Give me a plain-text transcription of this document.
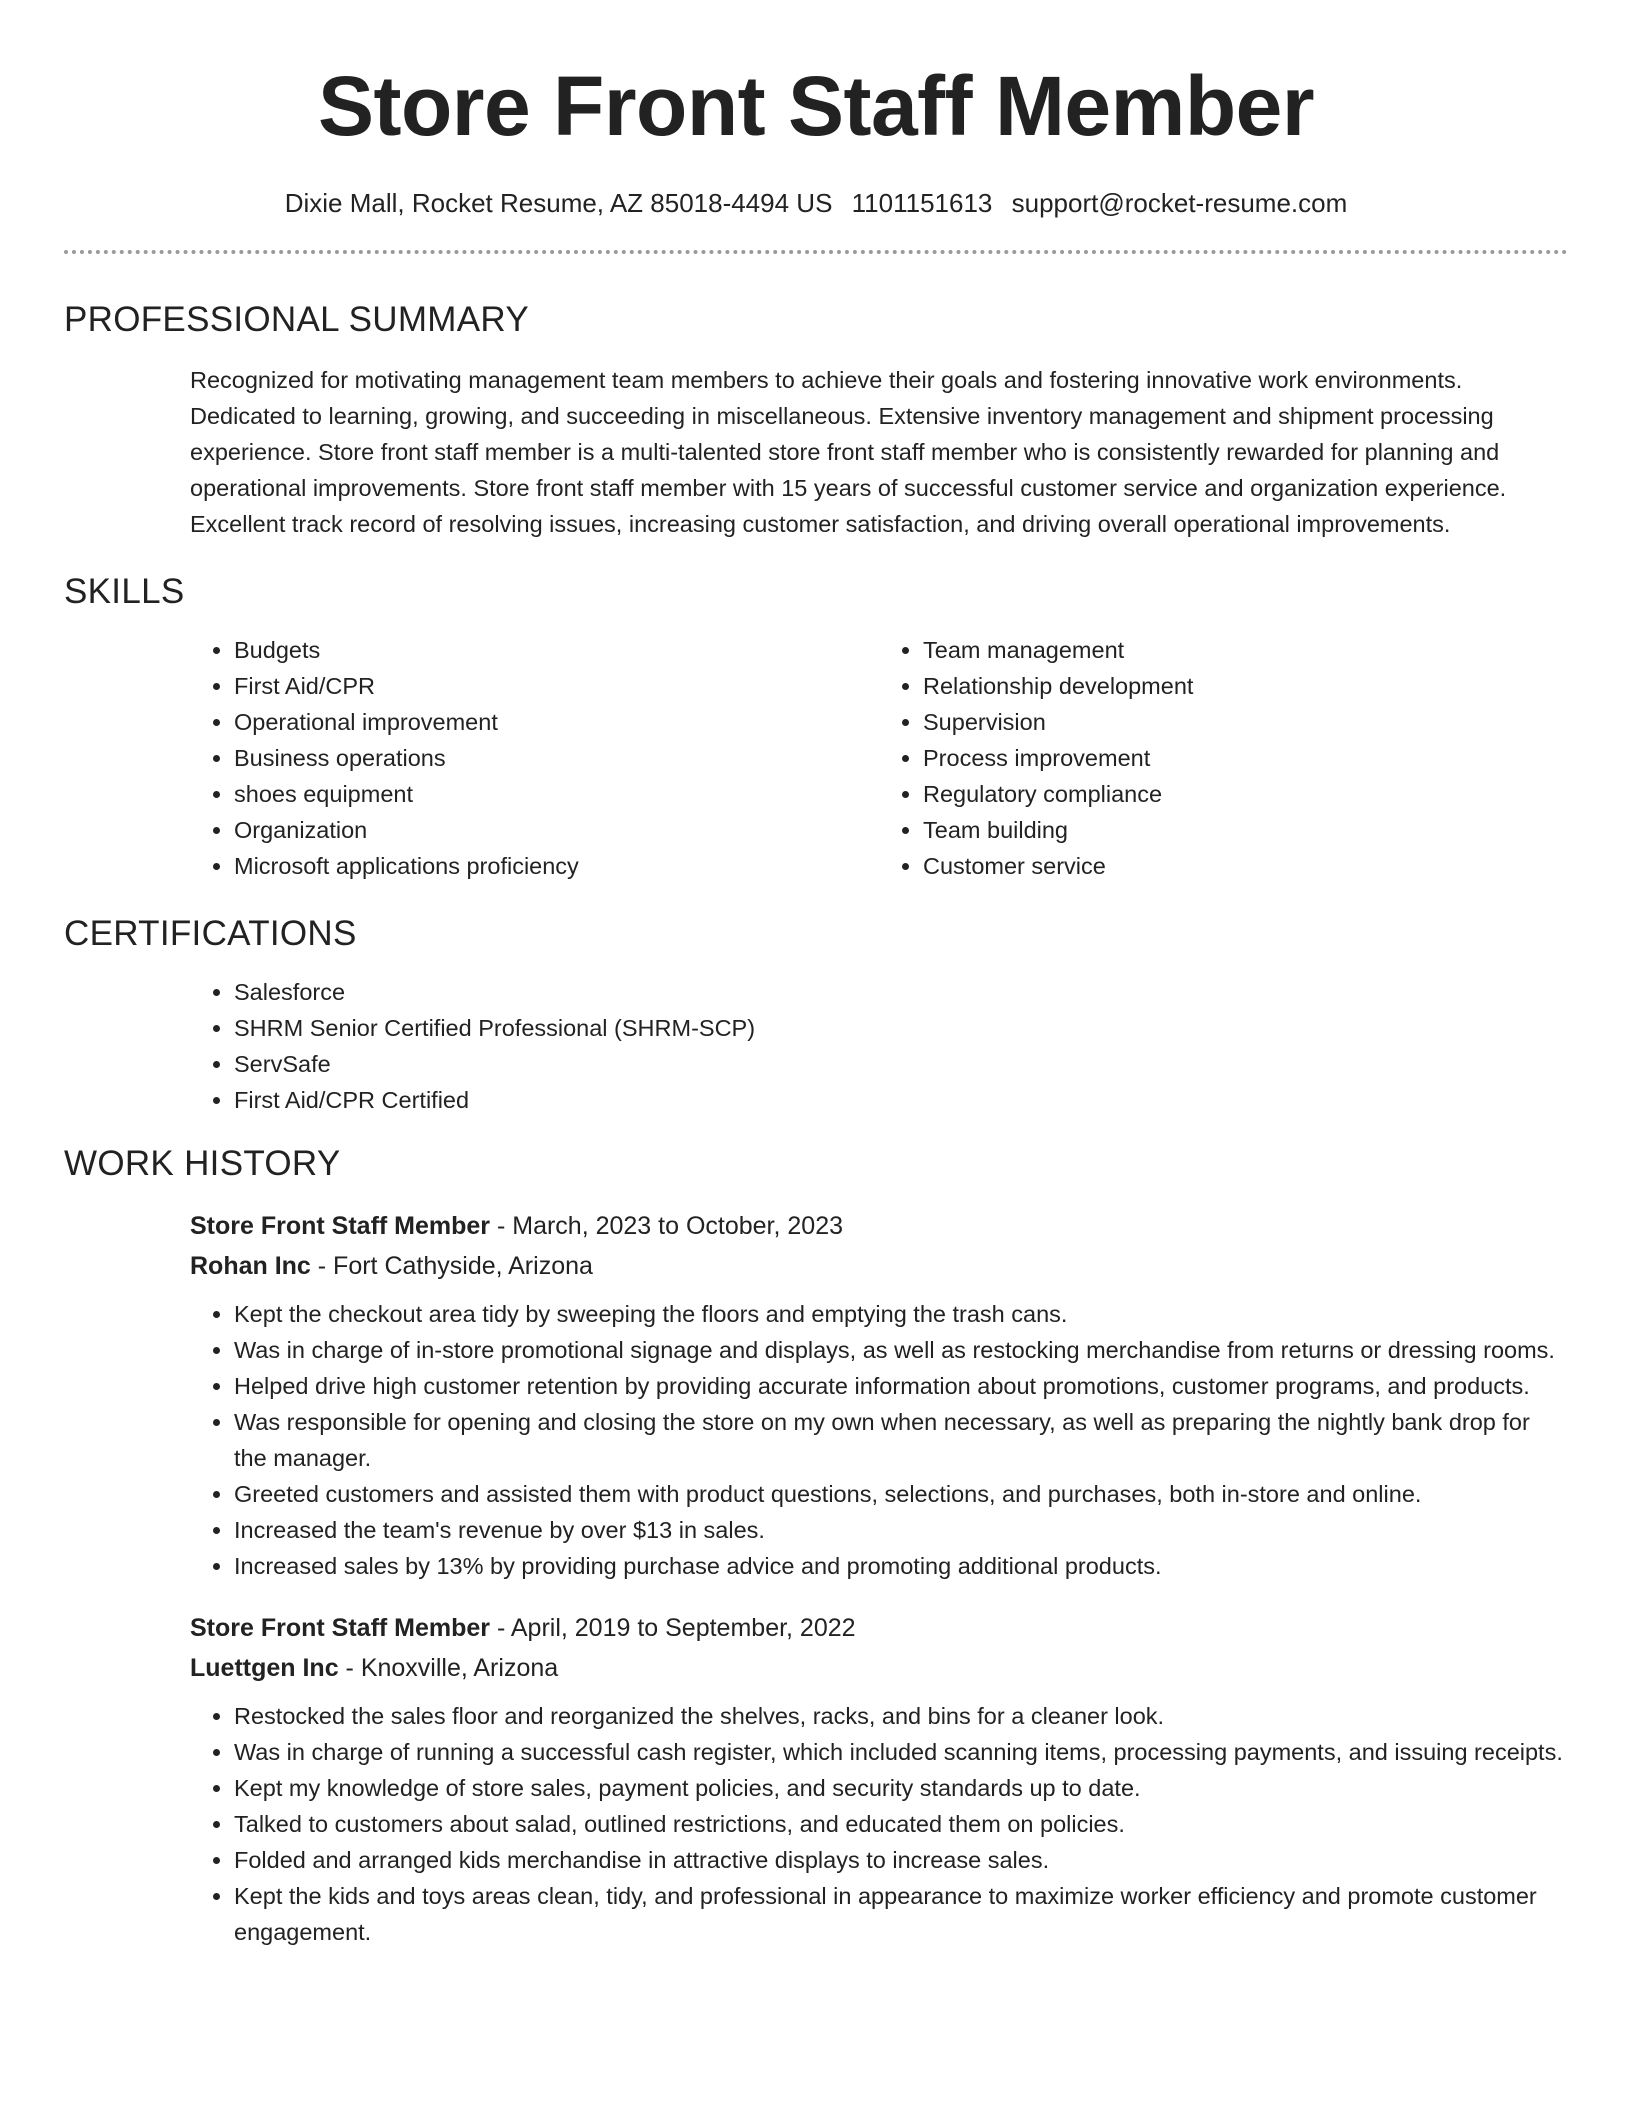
Store Front Staff Member
Dixie Mall, Rocket Resume, AZ 85018-4494 US 1101151613 support@rocket-resume.com
PROFESSIONAL SUMMARY

Recognized for motivating management team members to achieve their goals and fostering innovative work environments. Dedicated to learning, growing, and succeeding in miscellaneous. Extensive inventory management and shipment processing experience. Store front staff member is a multi-talented store front staff member who is consistently rewarded for planning and operational improvements. Store front staff member with 15 years of successful customer service and organization experience. Excellent track record of resolving issues, increasing customer satisfaction, and driving overall operational improvements.

SKILLS
• Budgets
• First Aid/CPR
• Operational improvement
• Business operations
• shoes equipment
• Organization
• Microsoft applications proficiency
• Team management
• Relationship development
• Supervision
• Process improvement
• Regulatory compliance
• Team building
• Customer service
CERTIFICATIONS
• Salesforce
• SHRM Senior Certified Professional (SHRM-SCP)
• ServSafe
• First Aid/CPR Certified
WORK HISTORY
Store Front Staff Member - March, 2023 to October, 2023
Rohan Inc - Fort Cathyside, Arizona
• Kept the checkout area tidy by sweeping the floors and emptying the trash cans.
• Was in charge of in-store promotional signage and displays, as well as restocking merchandise from returns or dressing rooms.
• Helped drive high customer retention by providing accurate information about promotions, customer programs, and products.
• Was responsible for opening and closing the store on my own when necessary, as well as preparing the nightly bank drop for the manager.
• Greeted customers and assisted them with product questions, selections, and purchases, both in-store and online.
• Increased the team's revenue by over $13 in sales.
• Increased sales by 13% by providing purchase advice and promoting additional products.
Store Front Staff Member - April, 2019 to September, 2022
Luettgen Inc - Knoxville, Arizona
• Restocked the sales floor and reorganized the shelves, racks, and bins for a cleaner look.
• Was in charge of running a successful cash register, which included scanning items, processing payments, and issuing receipts.
• Kept my knowledge of store sales, payment policies, and security standards up to date.
• Talked to customers about salad, outlined restrictions, and educated them on policies.
• Folded and arranged kids merchandise in attractive displays to increase sales.
• Kept the kids and toys areas clean, tidy, and professional in appearance to maximize worker efficiency and promote customer engagement.
